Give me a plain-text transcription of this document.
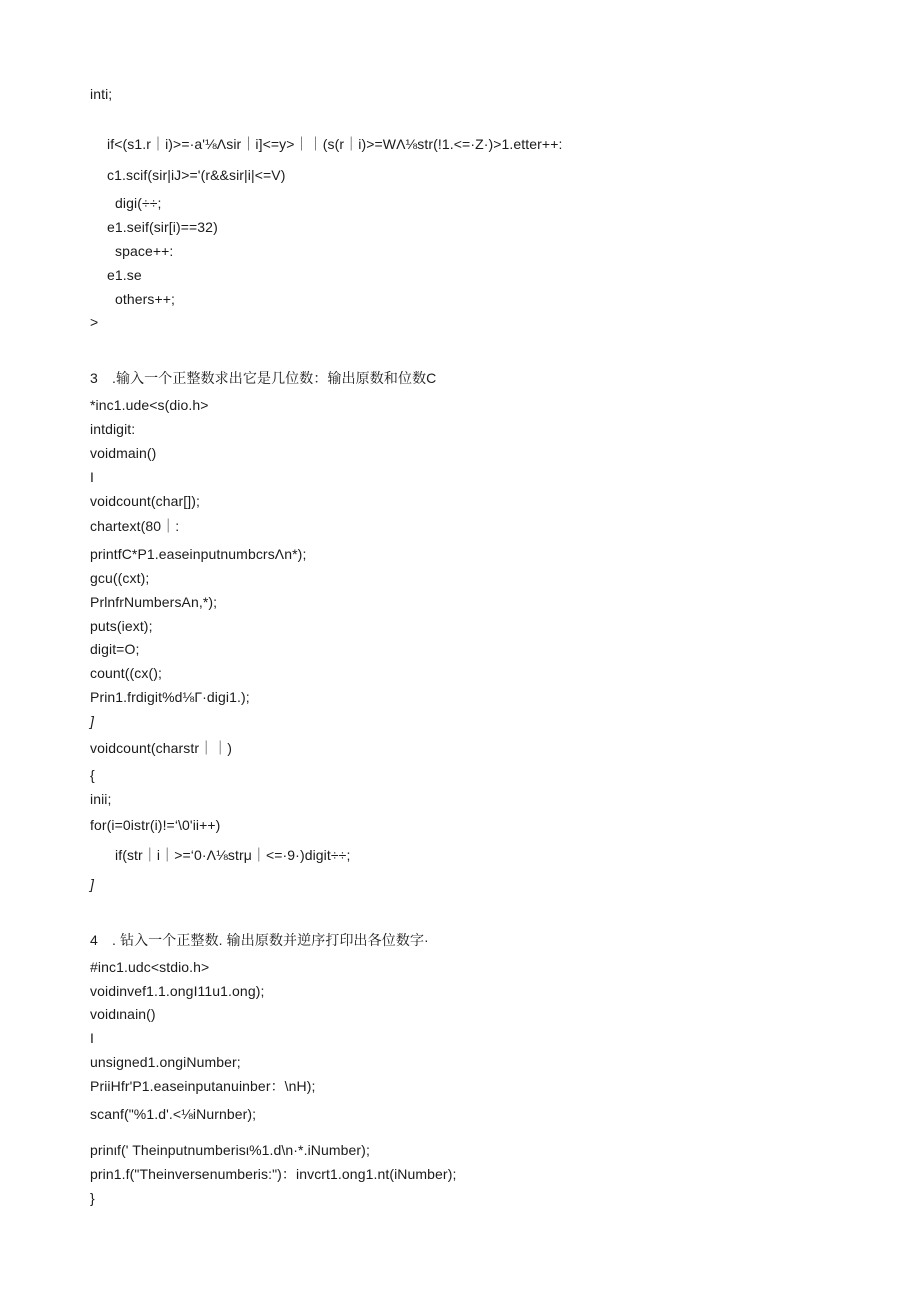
inti;
if<(s1.r｜i)>=·a'⅛Λsir｜i]<=y>｜｜(s(r｜i)>=WΛ⅛str(!1.<=·Z·)>1.etter++:
c1.scif(sir|iJ>='(r&&sir|i|<=V)
digi(÷÷;
e1.seif(sir[i)==32)
space++:
e1.se
others++;
>
3　.输入一个正整数求出它是几位数：输出原数和位数C
*inc1.ude<s(dio.h>
intdigit:
voidmain()
I
voidcount(char[]);
chartext(80｜:
printfC*P1.easeinputnumbcrsΛn*);
gcu((cxt);
PrlnfrNumbersAn,*);
puts(iext);
digit=O;
count((cx();
Prin1.frdigit%d⅛Γ·digi1.);
]
voidcount(charstr｜｜)
{
inii;
for(i=0istr(i)!=‘\0'ii++)
if(str｜i｜>=‘0·Λ⅛strμ｜<=·9·)digit÷÷;
]
4　. 钻入一个正整数. 输出原数并逆序打印出各位数字·
#inc1.udc<stdio.h>
voidinvef1.1.ongI11u1.ong);
voidιnain()
I
unsigned1.ongiNumber;
PriiHfr'P1.easeinputanuinber：\nH);
scanf("%1.d'.<⅛iNurnber);
prinιf(' Theinputnumberisι%1.d\n·*.iNumber);
prin1.f("Theinversenumberis:")：invcrt1.ong1.nt(iNumber);
}
